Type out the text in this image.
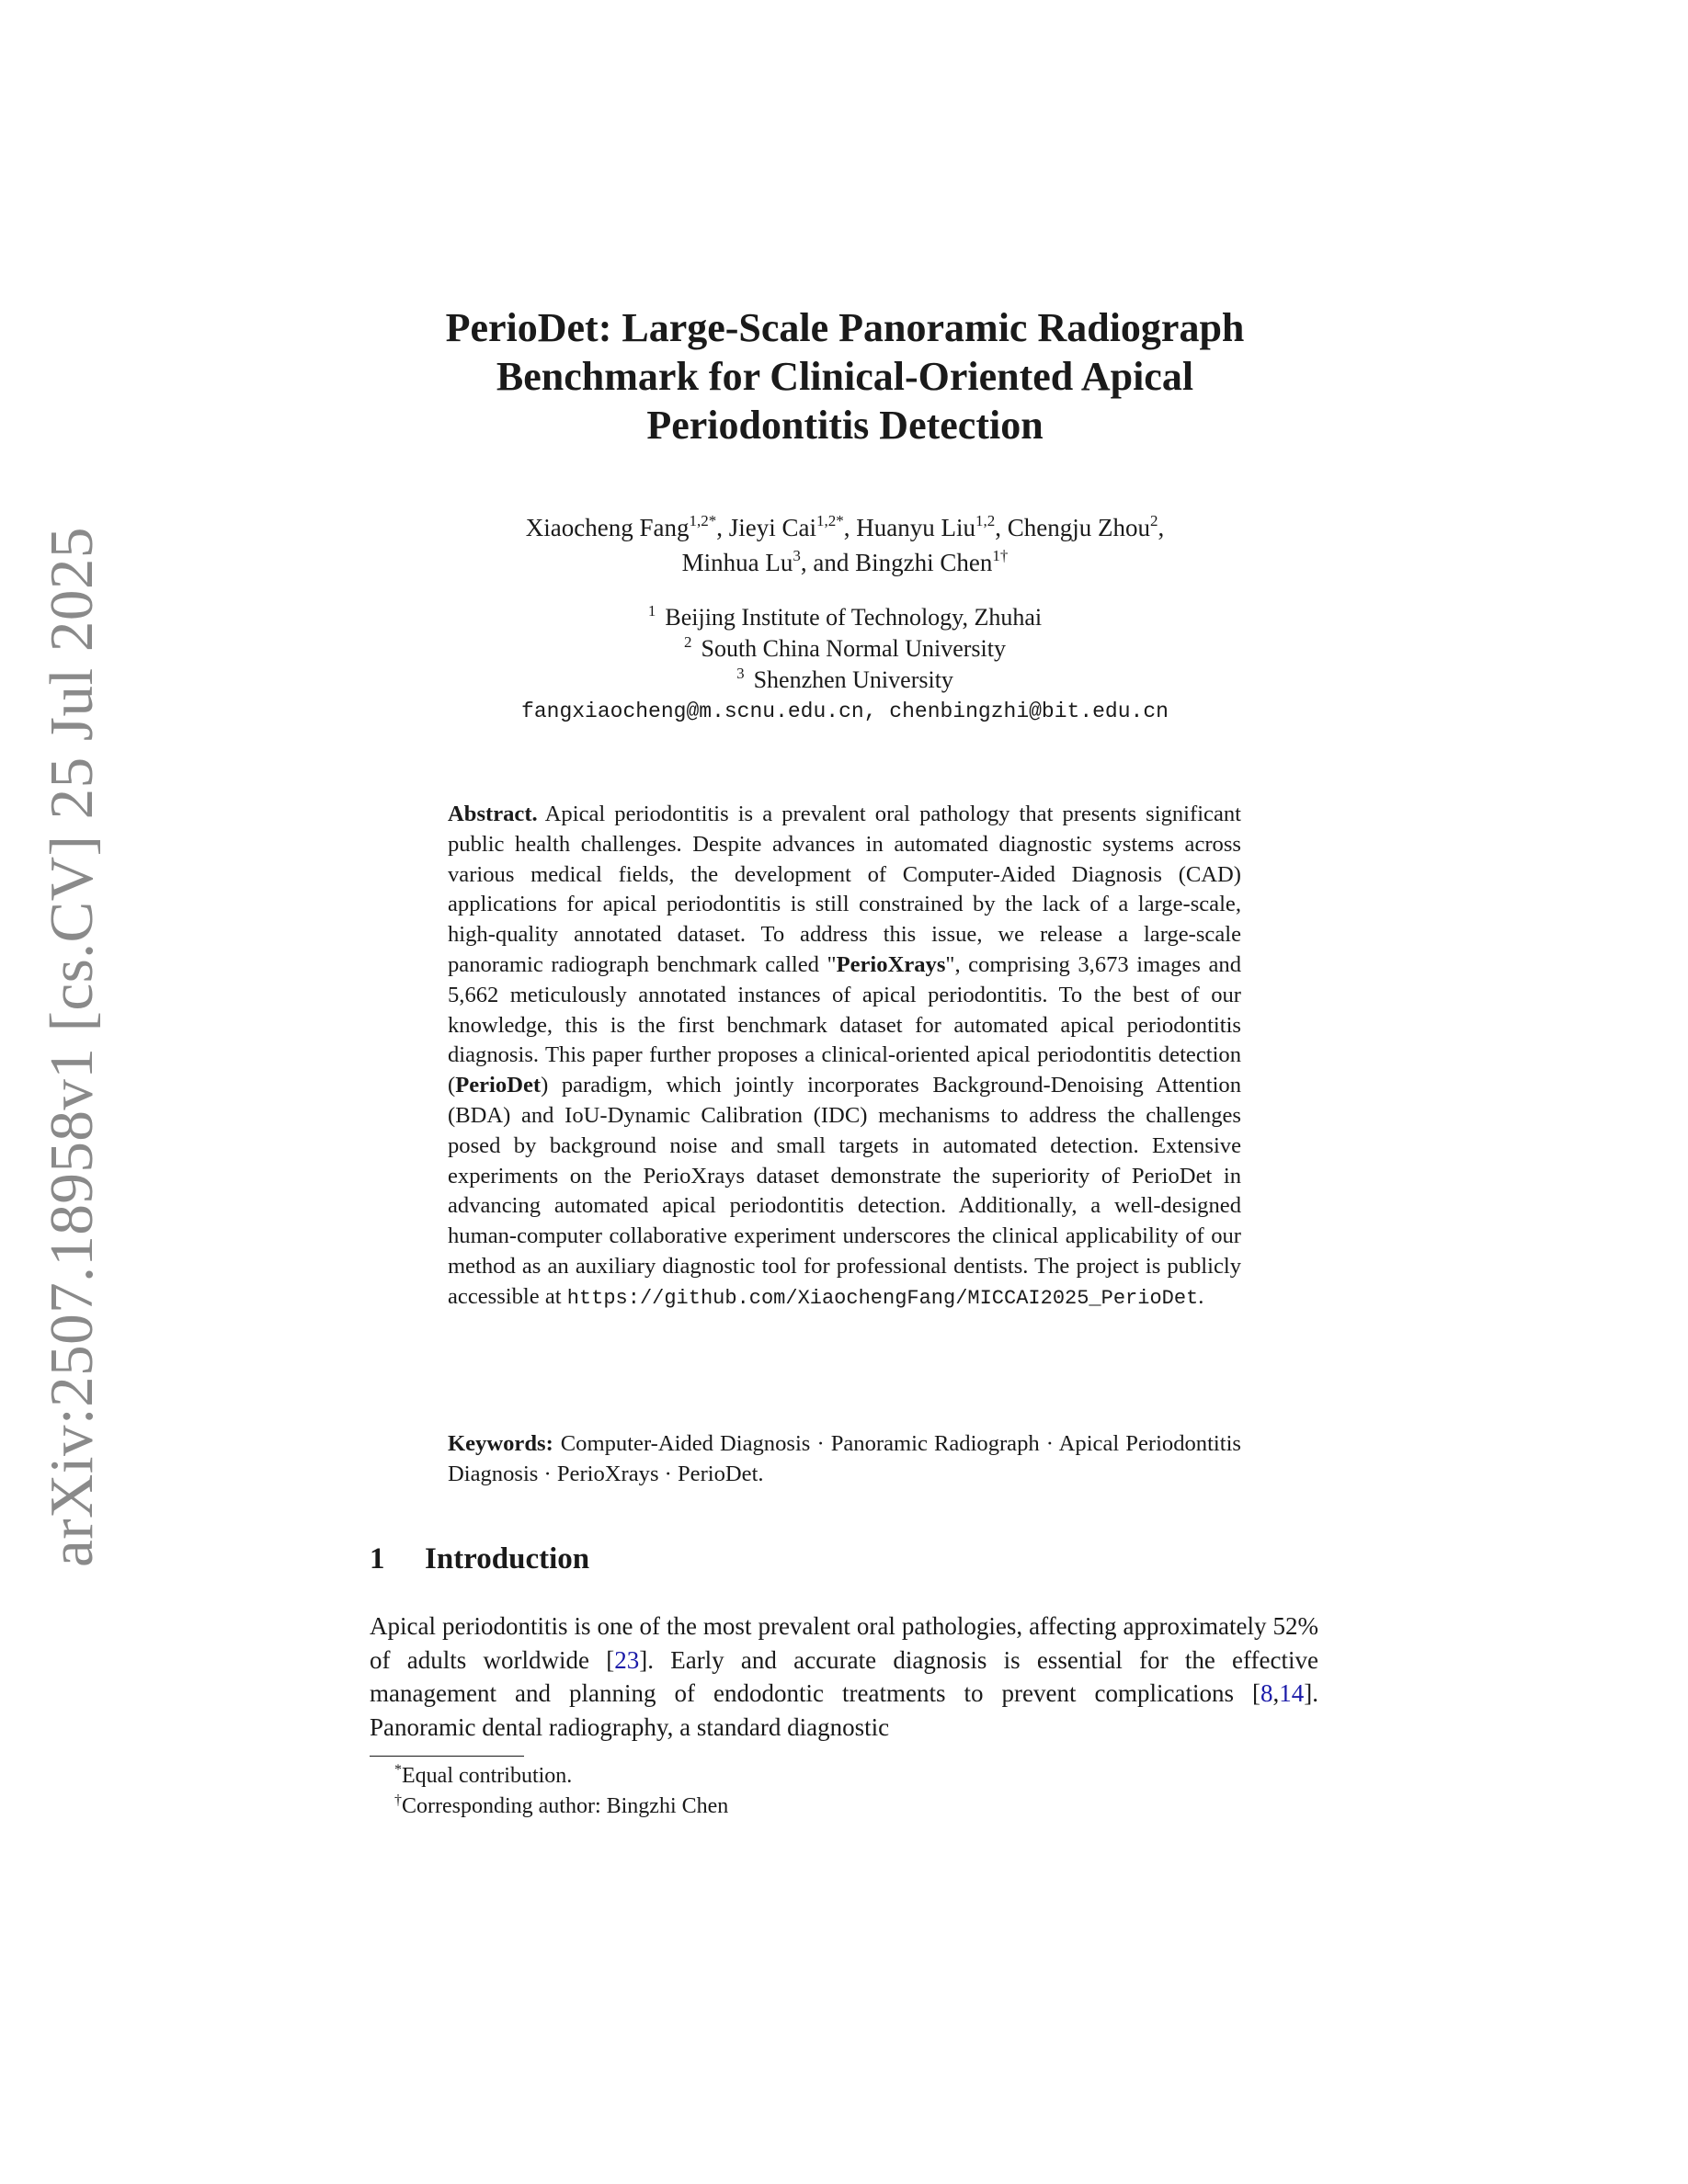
arXiv:2507.18958v1 [cs.CV] 25 Jul 2025
PerioDet: Large-Scale Panoramic Radiograph
Benchmark for Clinical-Oriented Apical
Periodontitis Detection
Xiaocheng Fang$^{1,2*}$, Jieyi Cai$^{1,2*}$, Huanyu Liu$^{1,2}$, Chengju Zhou$^2$,
Minhua Lu$^3$, and Bingzhi Chen$^{1\dagger}$
$^1$ Beijing Institute of Technology, Zhuhai
$^2$ South China Normal University
$^3$ Shenzhen University
fangxiaocheng@m.scnu.edu.cn, chenbingzhi@bit.edu.cn
Abstract. Apical periodontitis is a prevalent oral pathology that presents significant public health challenges. Despite advances in automated diagnostic systems across various medical fields, the development of Computer-Aided Diagnosis (CAD) applications for apical periodontitis is still constrained by the lack of a large-scale, high-quality annotated dataset. To address this issue, we release a large-scale panoramic radiograph benchmark called "PerioXrays", comprising 3,673 images and 5,662 meticulously annotated instances of apical periodontitis. To the best of our knowledge, this is the first benchmark dataset for automated apical periodontitis diagnosis. This paper further proposes a clinical-oriented apical periodontitis detection (PerioDet) paradigm, which jointly incorporates Background-Denoising Attention (BDA) and IoU-Dynamic Calibration (IDC) mechanisms to address the challenges posed by background noise and small targets in automated detection. Extensive experiments on the PerioXrays dataset demonstrate the superiority of PerioDet in advancing automated apical periodontitis detection. Additionally, a well-designed human-computer collaborative experiment underscores the clinical applicability of our method as an auxiliary diagnostic tool for professional dentists. The project is publicly accessible at https://github.com/XiaochengFang/MICCAI2025_PerioDet.
Keywords: Computer-Aided Diagnosis · Panoramic Radiograph · Apical Periodontitis Diagnosis · PerioXrays · PerioDet.
1 Introduction
Apical periodontitis is one of the most prevalent oral pathologies, affecting approximately 52% of adults worldwide [23]. Early and accurate diagnosis is essential for the effective management and planning of endodontic treatments to prevent complications [8,14]. Panoramic dental radiography, a standard diagnostic
*Equal contribution.
†Corresponding author: Bingzhi Chen
